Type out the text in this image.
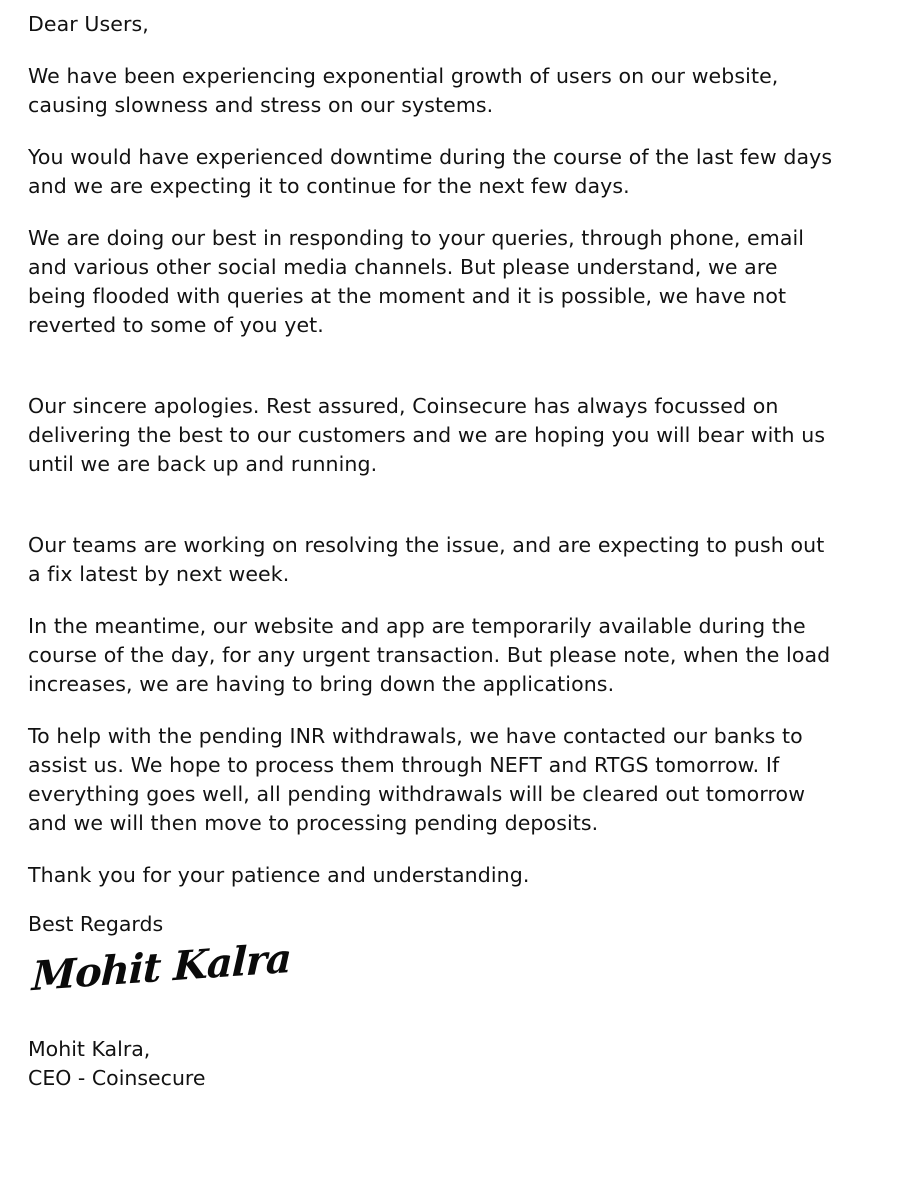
Dear Users,

We have been experiencing exponential growth of users on our website, causing slowness and stress on our systems.

You would have experienced downtime during the course of the last few days and we are expecting it to continue for the next few days.

We are doing our best in responding to your queries, through phone, email and various other social media channels. But please understand, we are being flooded with queries at the moment and it is possible, we have not reverted to some of you yet.

Our sincere apologies. Rest assured, Coinsecure has always focussed on delivering the best to our customers and we are hoping you will bear with us until we are back up and running.

Our teams are working on resolving the issue, and are expecting to push out a fix latest by next week.

In the meantime, our website and app are temporarily available during the course of the day, for any urgent transaction. But please note, when the load increases, we are having to bring down the applications.

To help with the pending INR withdrawals, we have contacted our banks to assist us. We hope to process them through NEFT and RTGS tomorrow. If everything goes well, all pending withdrawals will be cleared out tomorrow and we will then move to processing pending deposits.

Thank you for your patience and understanding.

Best Regards

Mohit Kalra

Mohit Kalra,

CEO - Coinsecure
